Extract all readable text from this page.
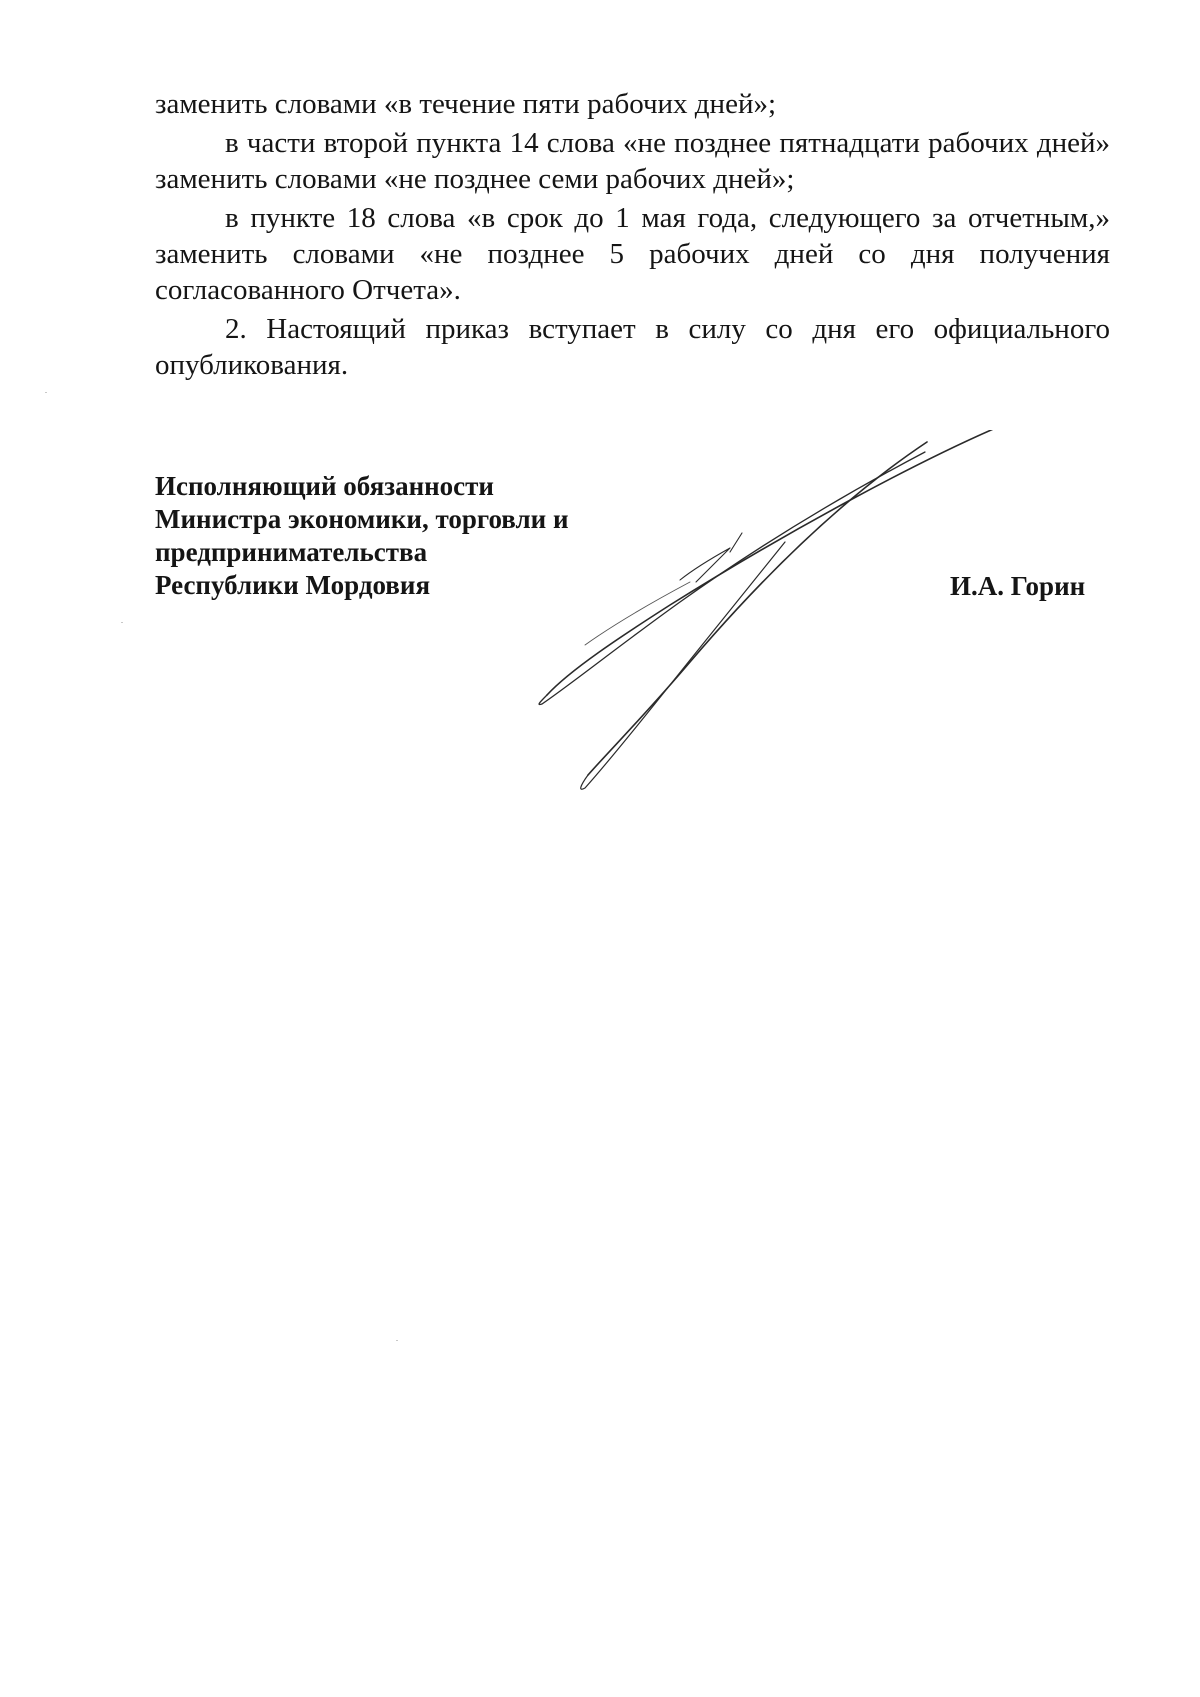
заменить словами «в течение пяти рабочих дней»;

в части второй пункта 14 слова «не позднее пятнадцати рабочих дней» заменить словами «не позднее семи рабочих дней»;

в пункте 18 слова «в срок до 1 мая года, следующего за отчетным,» заменить словами «не позднее 5 рабочих дней со дня получения согласованного Отчета».

2. Настоящий приказ вступает в силу со дня его официального опубликования.

Исполняющий обязанности
Министра экономики, торговли и
предпринимательства
Республики Мордовия	И.А. Горин
